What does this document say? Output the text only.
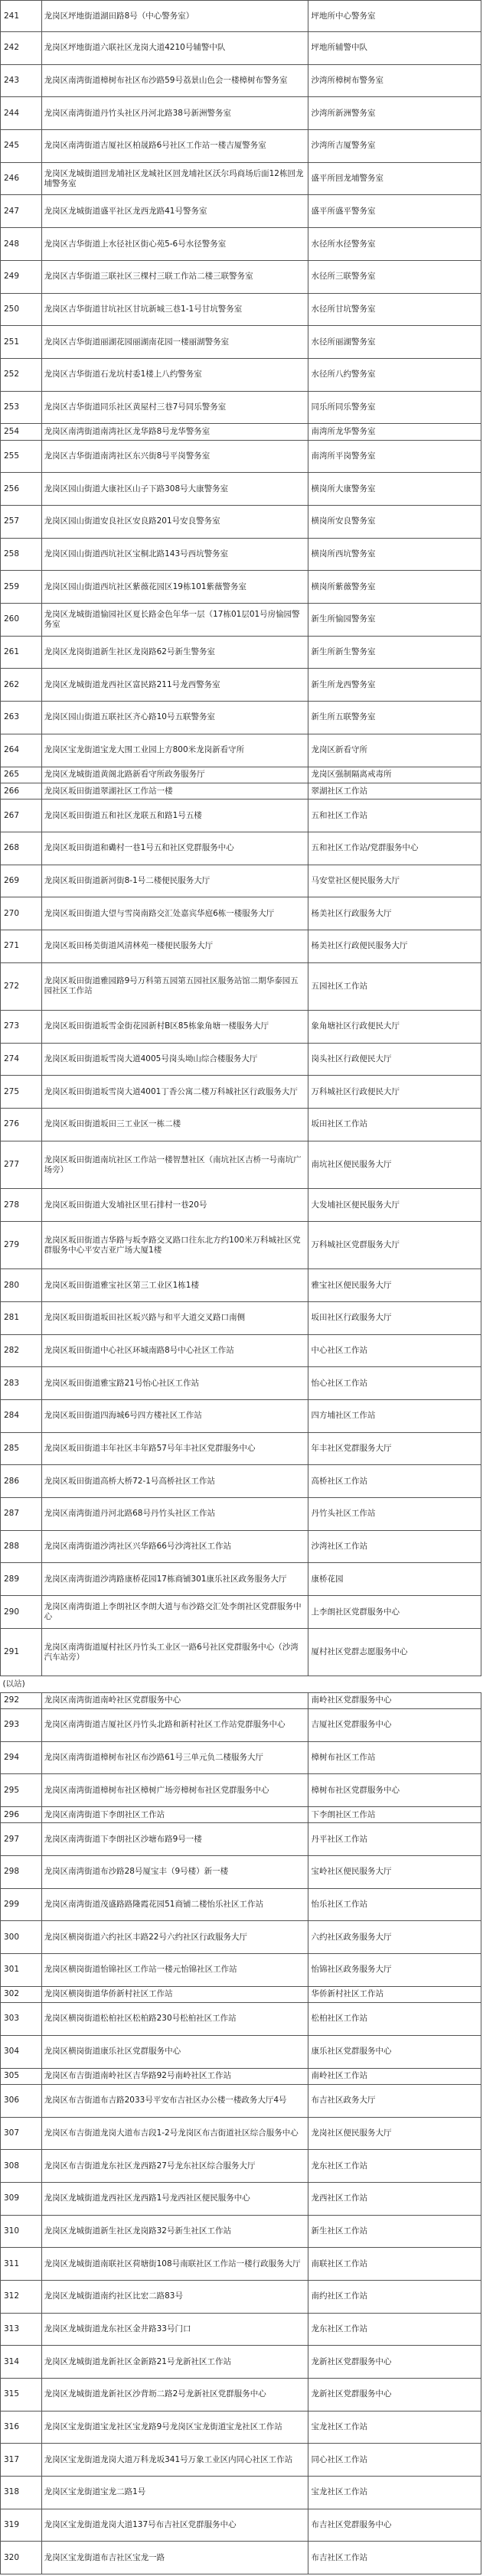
241	龙岗区坪地街道湖田路8号（中心警务室）	坪地所中心警务室
242	龙岗区坪地街道六联社区龙岗大道4210号辅警中队	坪地所辅警中队
243	龙岗区南湾街道樟树布社区布沙路59号荔景山色会一楼樟树布警务室	沙湾所樟树布警务室
244	龙岗区南湾街道丹竹头社区丹河北路38号新洲警务室	沙湾所新洲警务室
245	龙岗区南湾街道吉厦社区柏晟路6号社区工作站一楼吉厦警务室	沙湾所吉厦警务室
246	龙岗区龙城街道回龙埔社区龙城社区回龙埔社区沃尔玛商场后面12栋回龙埔警务室	盛平所回龙埔警务室
247	龙岗区龙城街道盛平社区龙西龙路41号警务室	盛平所盛平警务室
248	龙岗区吉华街道上水径社区街心苑5-6号水径警务室	水径所水径警务室
249	龙岗区吉华街道三联社区三棵村三联工作站二楼三联警务室	水径所三联警务室
250	龙岗区吉华街道甘坑社区甘坑新城三巷1-1号甘坑警务室	水径所甘坑警务室
251	龙岗区吉华街道丽湖花园丽湖南花园一楼丽湖警务室	水径所丽湖警务室
252	龙岗区吉华街道石龙坑村委1楼上八约警务室	水径所八约警务室
253	龙岗区吉华街道同乐社区黄屋村三巷7号同乐警务室	同乐所同乐警务室
254	龙岗区南湾街道南湾社区龙华路8号龙华警务室	南湾所龙华警务室
255	龙岗区吉华街道南湾社区东兴街8号平岗警务室	南湾所平岗警务室
256	龙岗区园山街道大康社区山子下路308号大康警务室	横岗所大康警务室
257	龙岗区园山街道安良社区安良路201号安良警务室	横岗所安良警务室
258	龙岗区园山街道西坑社区宝桐北路143号西坑警务室	横岗所西坑警务室
259	龙岗区园山街道西坑社区紫薇花园区19栋101紫薇警务室	横岗所紫薇警务室
260	龙岗区龙城街道愉园社区夏长路金色年华一层（17栋01层01号房愉园警务室	新生所愉园警务室
261	龙岗区龙岗街道新生社区龙岗路62号新生警务室	新生所新生警务室
262	龙岗区龙城街道龙西社区富民路211号龙西警务室	新生所龙西警务室
263	龙岗区园山街道五联社区齐心路10号五联警务室	新生所五联警务室
264	龙岗区宝龙街道宝龙大围工业园上方800米龙岗新看守所	龙岗区新看守所
265	龙岗区龙城街道黄阁北路新看守所政务服务厅	龙岗区强制隔离戒毒所
266	龙岗区坂田街道翠湖社区工作站一楼	翠湖社区工作站
267	龙岗区坂田街道五和社区龙联五和路1号五楼	五和社区工作站
268	龙岗区坂田街道和磡村一巷1号五和社区党群服务中心	五和社区工作站/党群服务中心
269	龙岗区坂田街道新河街8-1号二楼便民服务大厅	马安堂社区便民服务大厅
270	龙岗区坂田街道大望与雪岗南路交汇处嘉宾华庭6栋一楼服务大厅	杨美社区行政服务大厅
271	龙岗区坂田杨美街道风清林苑一楼便民服务大厅	杨美社区行政便民服务大厅
272	龙岗区坂田街道雅园路9号万科第五园第五园社区服务站馆二期华泰园五园社区工作站	五园社区工作站
273	龙岗区坂田街道坂雪金街花园新村B区85栋象角塘一楼服务大厅	象角塘社区行政便民大厅
274	龙岗区坂田街道坂雪岗大道4005号岗头坳山综合楼服务大厅	岗头社区行政便民大厅
275	龙岗区坂田街道坂雪岗大道4001丁香公寓二楼万科城社区行政服务大厅	万科城社区行政便民大厅
276	龙岗区坂田街道坂田三工业区一栋二楼	坂田社区工作站
277	龙岗区坂田街道南坑社区工作站一楼智慧社区（南坑社区吉桥一号南坑广场旁）	南坑社区便民服务大厅
278	龙岗区坂田街道大发埔社区里石排村一巷20号	大发埔社区便民服务大厅
279	龙岗区坂田街道吉华路与坂李路交叉路口往东北方约100米万科城社区党群服务中心平安吉亚广场大厦1楼	万科城社区党群服务大厅
280	龙岗区坂田街道雅宝社区第三工业区1栋1楼	雅宝社区便民服务大厅
281	龙岗区坂田街道坂田社区坂兴路与和平大道交叉路口南侧	坂田社区行政服务大厅
282	龙岗区坂田街道中心社区环城南路8号中心社区工作站	中心社区工作站
283	龙岗区坂田街道雅宝路21号怡心社区工作站	怡心社区工作站
284	龙岗区坂田街道四海城6号四方楼社区工作站	四方埔社区工作站
285	龙岗区坂田街道丰年社区丰年路57号年丰社区党群服务中心	年丰社区党群服务大厅
286	龙岗区坂田街道高桥大桥72-1号高桥社区工作站	高桥社区工作站
287	龙岗区南湾街道丹河北路68号丹竹头社区工作站	丹竹头社区工作站
288	龙岗区南湾街道沙湾社区兴华路66号沙湾社区工作站	沙湾社区工作站
289	龙岗区南湾街道沙湾路康桥花园17栋商铺301康乐社区政务服务大厅	康桥花园
290	龙岗区南湾街道上李朗社区李朗大道与布沙路交汇处李朗社区党群服务中心	上李朗社区党群服务中心
291	龙岗区南湾街道厦村社区丹竹头工业区一路6号社区党群服务中心（沙湾汽车站旁）	厦村社区党群志愿服务中心
(以站)		
292	龙岗区南湾街道南岭社区党群服务中心	南岭社区党群服务中心
293	龙岗区南湾街道吉厦社区丹竹头北路和新村社区工作站党群服务中心	吉厦社区党群服务中心
294	龙岗区南湾街道樟树布社区布沙路61号三单元负二楼服务大厅	樟树布社区工作站
295	龙岗区南湾街道樟树布社区樟树广场旁樟树布社区党群服务中心	樟树布社区党群服务中心
296	龙岗区南湾街道下李朗社区工作站	下李朗社区工作站
297	龙岗区南湾街道下李朗社区沙塘布路9号一楼	丹平社区工作站
298	龙岗区南湾街道布沙路28号厦宝丰（9号楼）新一楼	宝岭社区便民服务大厅
299	龙岗区南湾街道茂盛路路隆霞花园51商铺二楼怡乐社区工作站	怡乐社区工作站
300	龙岗区横岗街道六约社区丰路22号六约社区行政服务大厅	六约社区政务服务大厅
301	龙岗区横岗街道怡锦社区工作站一楼元怡锦社区工作站	怡锦社区政务服务大厅
302	龙岗区横岗街道华侨新村社区工作站	华侨新村社区工作站
303	龙岗区横岗街道松柏社区松柏路230号松柏社区工作站	松柏社区工作站
304	龙岗区横岗街道康乐社区党群服务中心	康乐社区党群服务中心
305	龙岗区布吉街道南岭社区吉华路92号南岭社区工作站	南岭社区工作站
306	龙岗区布吉街道布吉路2033号平安布吉社区办公楼一楼政务大厅4号	布吉社区政务大厅
307	龙岗区布吉街道龙岗大道布吉段1-2号龙岗区布吉街道社区综合服务中心	龙岗社区便民服务大厅
308	龙岗区布吉街道龙东社区龙西路27号龙东社区综合服务大厅	龙东社区工作站
309	龙岗区龙城街道龙西社区龙西路1号龙西社区便民服务中心	龙西社区工作站
310	龙岗区龙城街道新生社区龙岗路32号新生社区工作站	新生社区工作站
311	龙岗区龙城街道南联社区荷塘街108号南联社区工作站一楼行政服务大厅	南联社区工作站
312	龙岗区龙城街道南约社区比宏二路83号	南约社区工作站
313	龙岗区龙城街道龙东社区金井路33号门口	龙东社区工作站
314	龙岗区龙城街道龙新社区金新路21号龙新社区工作站	龙新社区党群服务中心
315	龙岗区龙城街道龙新社区沙背坜二路2号龙新社区党群服务中心	龙新社区党群服务中心
316	龙岗区宝龙街道宝龙社区宝龙路9号龙岗区宝龙街道宝龙社区工作站	宝龙社区工作站
317	龙岗区宝龙街道龙岗大道万科龙坂341号万象工业区内同心社区工作站	同心社区工作站
318	龙岗区宝龙街道宝龙二路1号	宝龙社区工作站
319	龙岗区宝龙街道龙岗大道137号布吉社区党群服务中心	布吉社区党群服务中心
320	龙岗区宝龙街道布吉社区宝龙一路	布吉社区工作站
